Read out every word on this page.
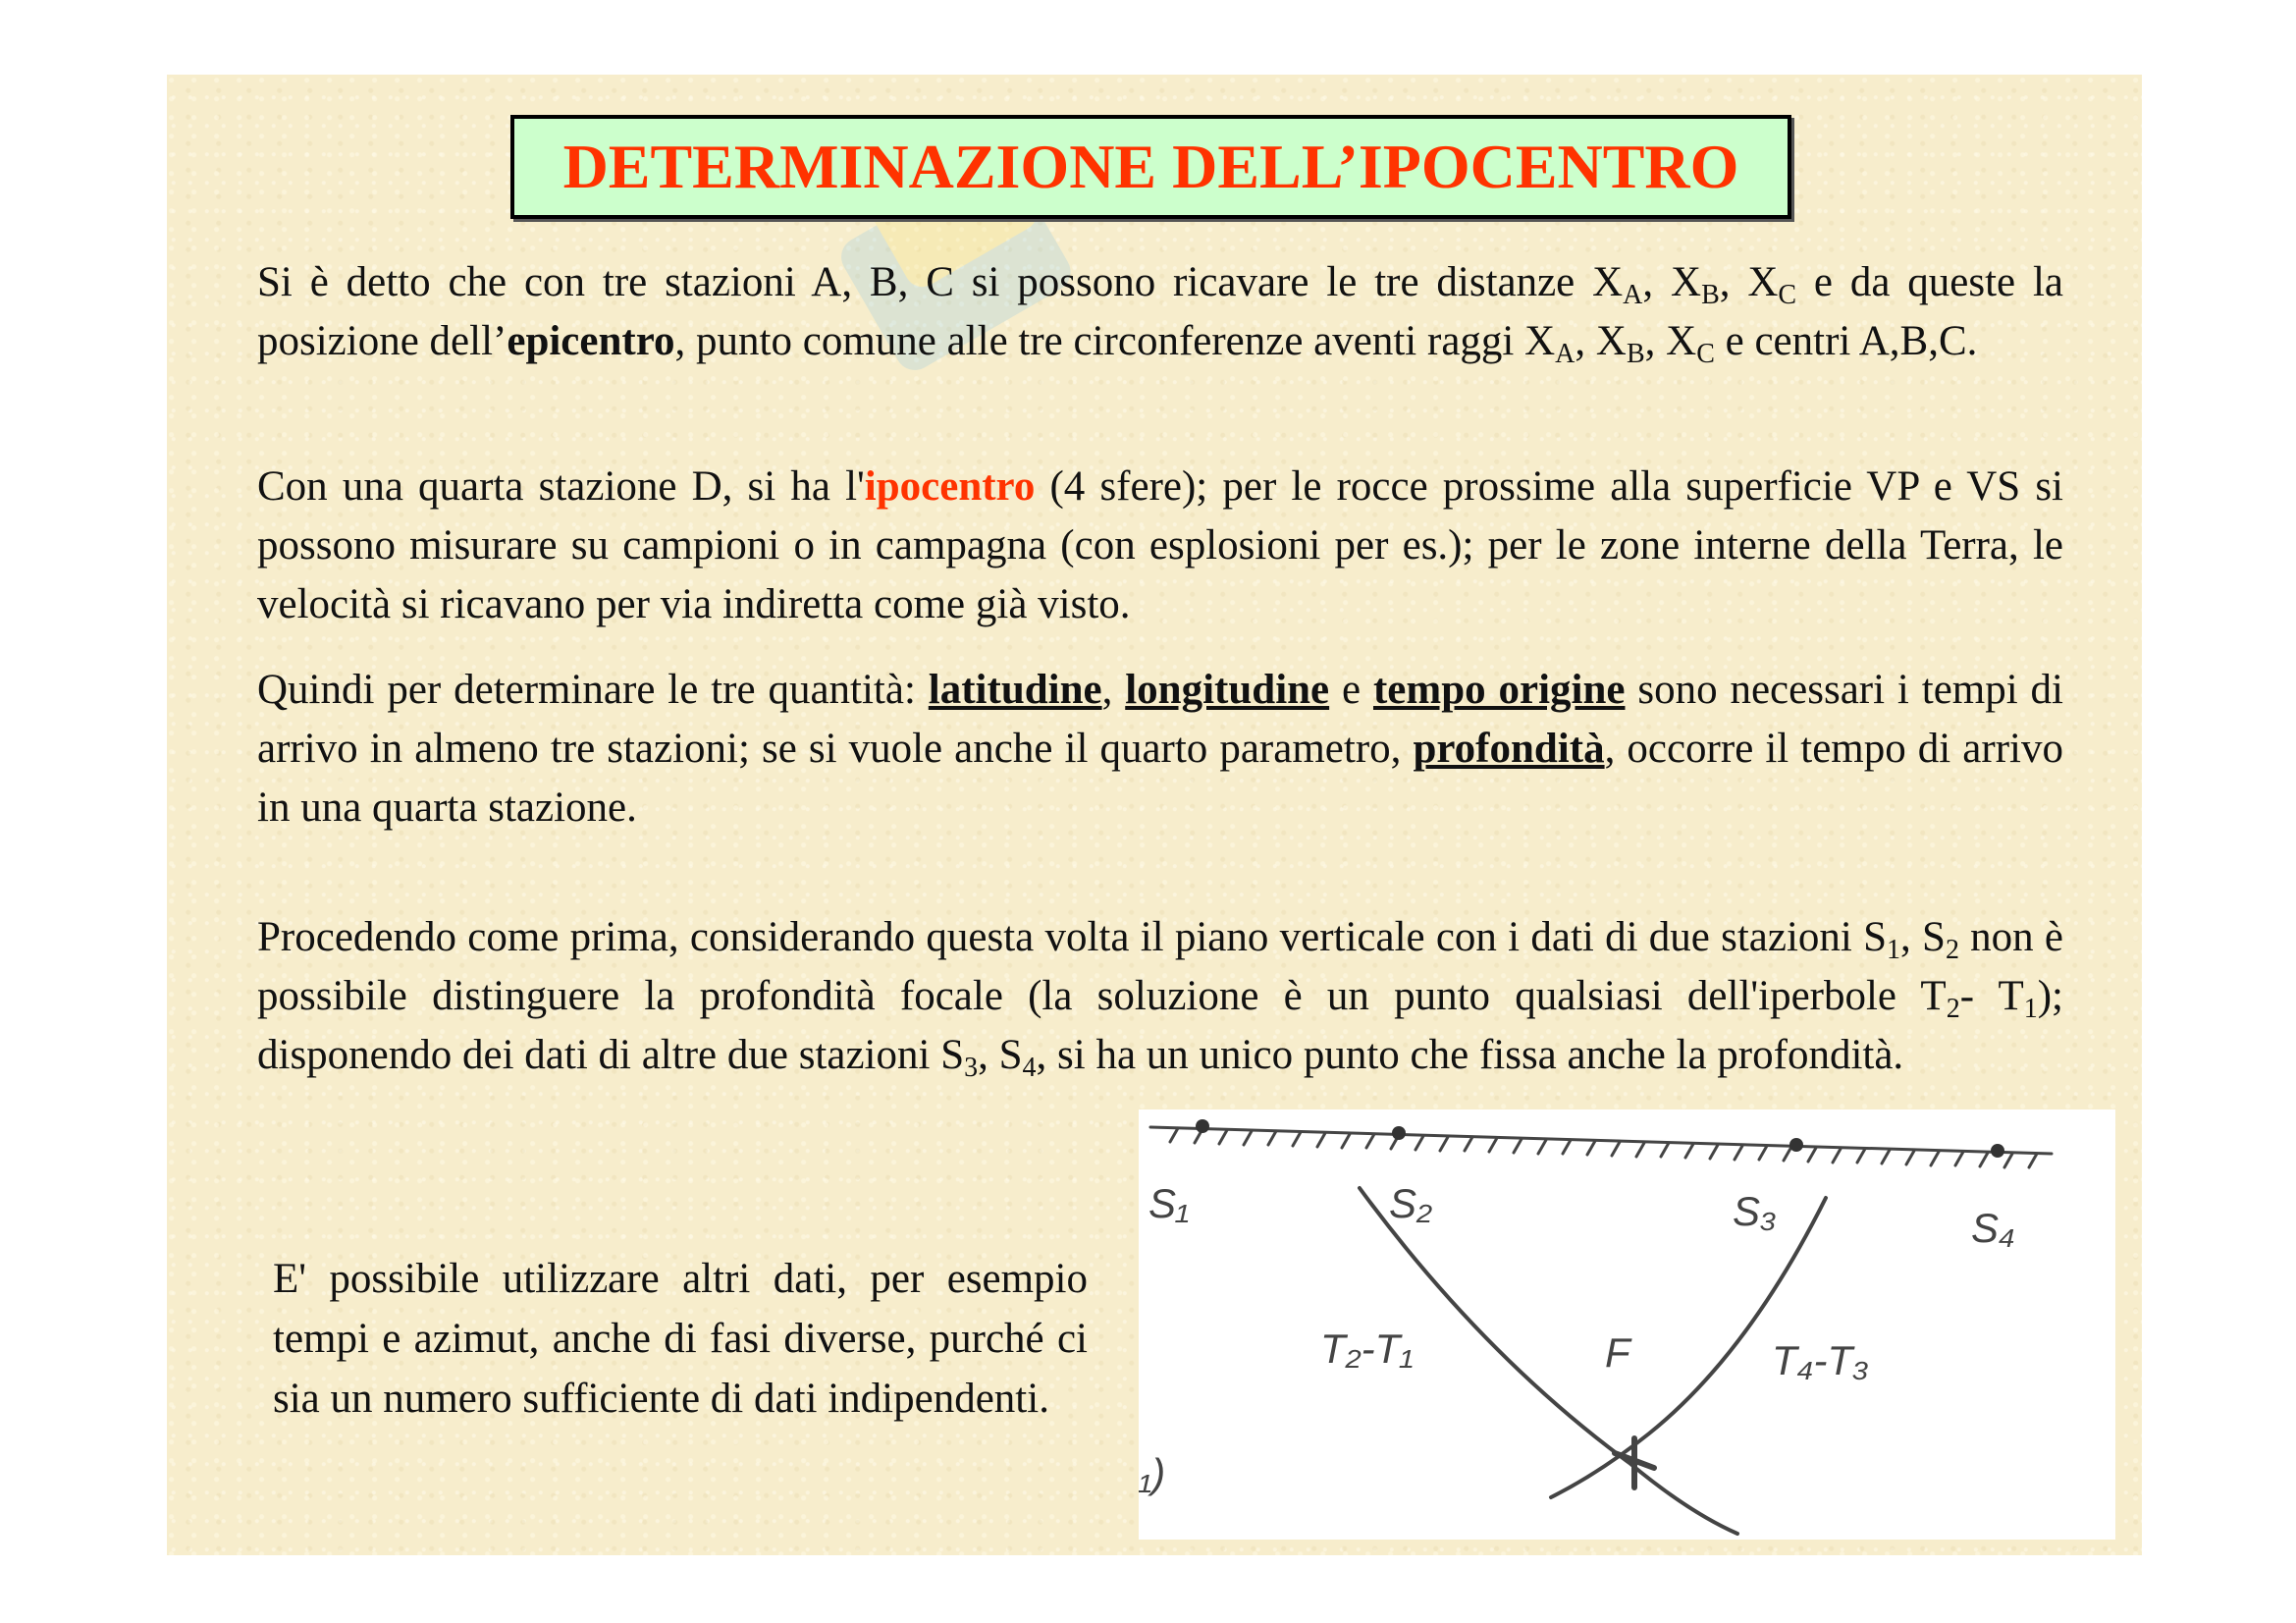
DETERMINAZIONE DELL’IPOCENTRO

Si è detto che con tre stazioni A, B, C si possono ricavare le tre distanze $X_A$, $X_B$, $X_C$ e da queste la posizione dell’epicentro, punto comune alle tre circonferenze aventi raggi $X_A$, $X_B$, $X_C$ e centri A,B,C.

Con una quarta stazione D, si ha l'ipocentro (4 sfere); per le rocce prossime alla superficie VP e VS si possono misurare su campioni o in campagna (con esplosioni per es.); per le zone interne della Terra, le velocità si ricavano per via indiretta come già visto.

Quindi per determinare le tre quantità: latitudine, longitudine e tempo origine sono necessari i tempi di arrivo in almeno tre stazioni; se si vuole anche il quarto parametro, profondità, occorre il tempo di arrivo in una quarta stazione.

Procedendo come prima, considerando questa volta il piano verticale con i dati di due stazioni $S_1$, $S_2$ non è possibile distinguere la profondità focale (la soluzione è un punto qualsiasi dell'iperbole $T_2-$ $T_1$); disponendo dei dati di altre due stazioni $S_3$, $S_4$, si ha un unico punto che fissa anche la profondità.

E' possibile utilizzare altri dati, per esempio tempi e azimut, anche di fasi diverse, purché ci sia un numero sufficiente di dati indipendenti.

S₁	S₂	S₃	S₄
T₂-T₁	F	T₄-T₃
₁)
